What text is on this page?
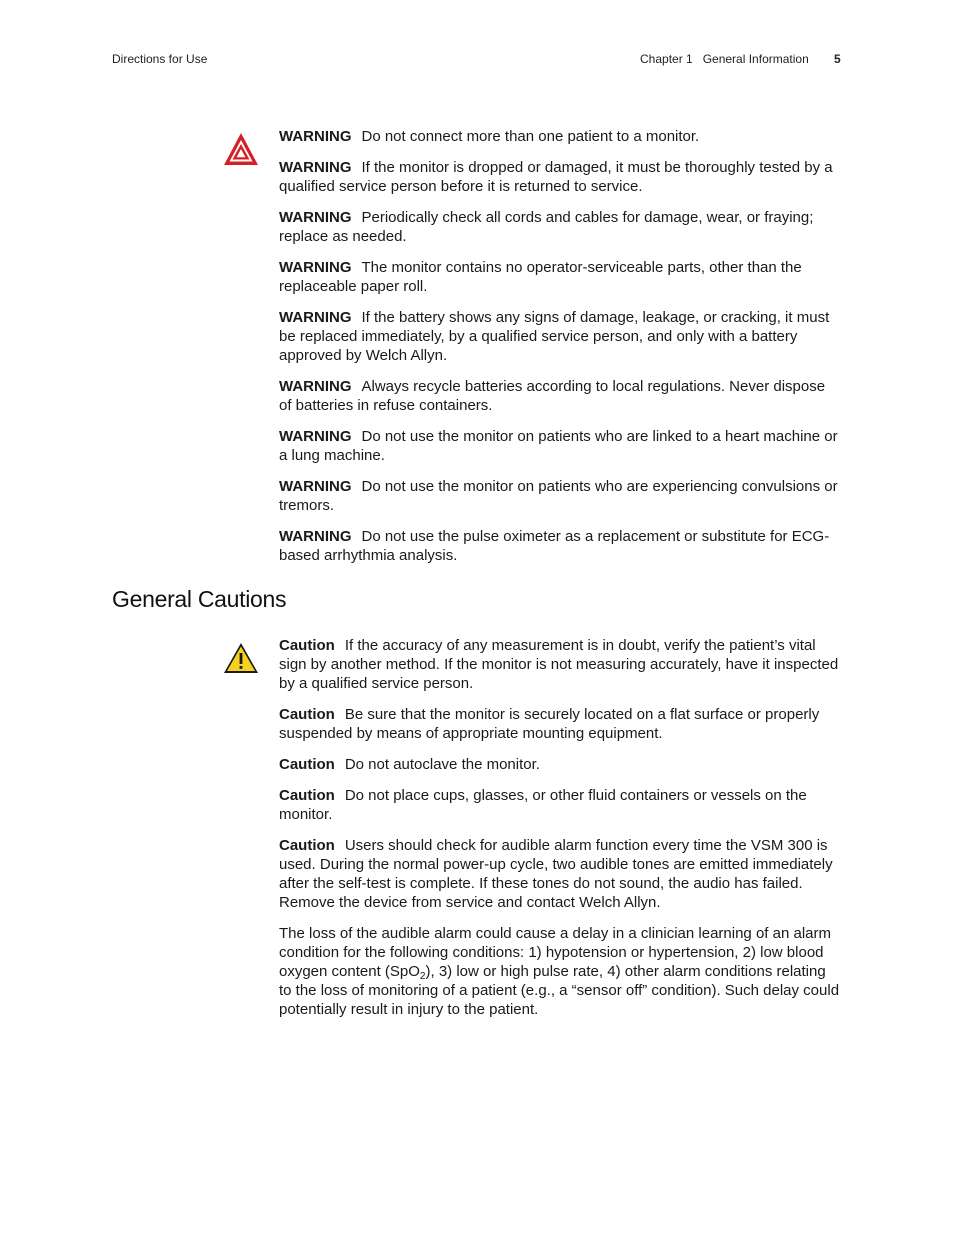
Directions for Use	Chapter 1   General Information 5

WARNING Do not connect more than one patient to a monitor.

WARNING If the monitor is dropped or damaged, it must be thoroughly tested by a qualified service person before it is returned to service.

WARNING Periodically check all cords and cables for damage, wear, or fraying; replace as needed.

WARNING The monitor contains no operator-serviceable parts, other than the replaceable paper roll.

WARNING If the battery shows any signs of damage, leakage, or cracking, it must be replaced immediately, by a qualified service person, and only with a battery approved by Welch Allyn.

WARNING Always recycle batteries according to local regulations. Never dispose of batteries in refuse containers.

WARNING Do not use the monitor on patients who are linked to a heart machine or a lung machine.

WARNING Do not use the monitor on patients who are experiencing convulsions or tremors.

WARNING Do not use the pulse oximeter as a replacement or substitute for ECG-based arrhythmia analysis.

General Cautions

Caution If the accuracy of any measurement is in doubt, verify the patient’s vital sign by another method. If the monitor is not measuring accurately, have it inspected by a qualified service person.

Caution Be sure that the monitor is securely located on a flat surface or properly suspended by means of appropriate mounting equipment.

Caution Do not autoclave the monitor.

Caution Do not place cups, glasses, or other fluid containers or vessels on the monitor.

Caution Users should check for audible alarm function every time the VSM 300 is used. During the normal power-up cycle, two audible tones are emitted immediately after the self-test is complete. If these tones do not sound, the audio has failed. Remove the device from service and contact Welch Allyn.

The loss of the audible alarm could cause a delay in a clinician learning of an alarm condition for the following conditions: 1) hypotension or hypertension, 2) low blood oxygen content (SpO$_2$), 3) low or high pulse rate, 4) other alarm conditions relating to the loss of monitoring of a patient (e.g., a “sensor off” condition). Such delay could potentially result in injury to the patient.
